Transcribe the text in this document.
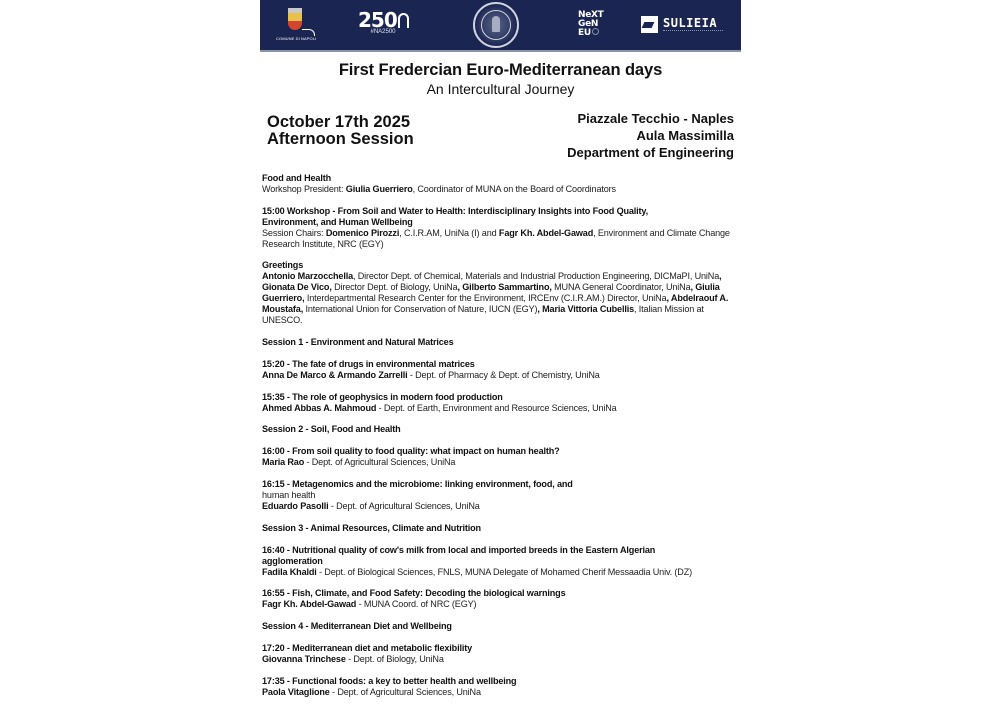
COMUNE DI NAPOLI
250
#NA2500
NeXT
GeN
EU
SULIEIA
First Fredercian Euro-Mediterranean days
An Intercultural Journey
October 17th 2025
Afternoon Session
Piazzale Tecchio - Naples
Aula Massimilla
Department of Engineering
Food and Health
Workshop President: Giulia Guerriero, Coordinator of MUNA on the Board of Coordinators
15:00 Workshop - From Soil and Water to Health: Interdisciplinary Insights into Food Quality,
Environment, and Human Wellbeing
Session Chairs: Domenico Pirozzi, C.I.R.AM, UniNa (I) and Fagr Kh. Abdel-Gawad, Environment and Climate Change Research Institute, NRC (EGY)
Greetings
Antonio Marzocchella, Director Dept. of Chemical, Materials and Industrial Production Engineering, DICMaPI, UniNa, Gionata De Vico, Director Dept. of Biology, UniNa, Gilberto Sammartino, MUNA General Coordinator, UniNa, Giulia Guerriero, Interdepartmental Research Center for the Environment, IRCEnv (C.I.R.AM.) Director, UniNa, Abdelraouf A. Moustafa, International Union for Conservation of Nature, IUCN (EGY), Maria Vittoria Cubellis, Italian Mission at UNESCO.
Session 1 - Environment and Natural Matrices
15:20 - The fate of drugs in environmental matrices
Anna De Marco & Armando Zarrelli - Dept. of Pharmacy & Dept. of Chemistry, UniNa
15:35 - The role of geophysics in modern food production
Ahmed Abbas A. Mahmoud - Dept. of Earth, Environment and Resource Sciences, UniNa
Session 2 - Soil, Food and Health
16:00 - From soil quality to food quality: what impact on human health?
Maria Rao - Dept. of Agricultural Sciences, UniNa
16:15 - Metagenomics and the microbiome: linking environment, food, and
human health
Eduardo Pasolli - Dept. of Agricultural Sciences, UniNa
Session 3 - Animal Resources, Climate and Nutrition
16:40 - Nutritional quality of cow's milk from local and imported breeds in the Eastern Algerian
agglomeration
Fadila Khaldi - Dept. of Biological Sciences, FNLS, MUNA Delegate of Mohamed Cherif Messaadia Univ. (DZ)
16:55 - Fish, Climate, and Food Safety: Decoding the biological warnings
Fagr Kh. Abdel-Gawad - MUNA Coord. of NRC (EGY)
Session 4 - Mediterranean Diet and Wellbeing
17:20 - Mediterranean diet and metabolic flexibility
Giovanna Trinchese - Dept. of Biology, UniNa
17:35 - Functional foods: a key to better health and wellbeing
Paola Vitaglione - Dept. of Agricultural Sciences, UniNa
